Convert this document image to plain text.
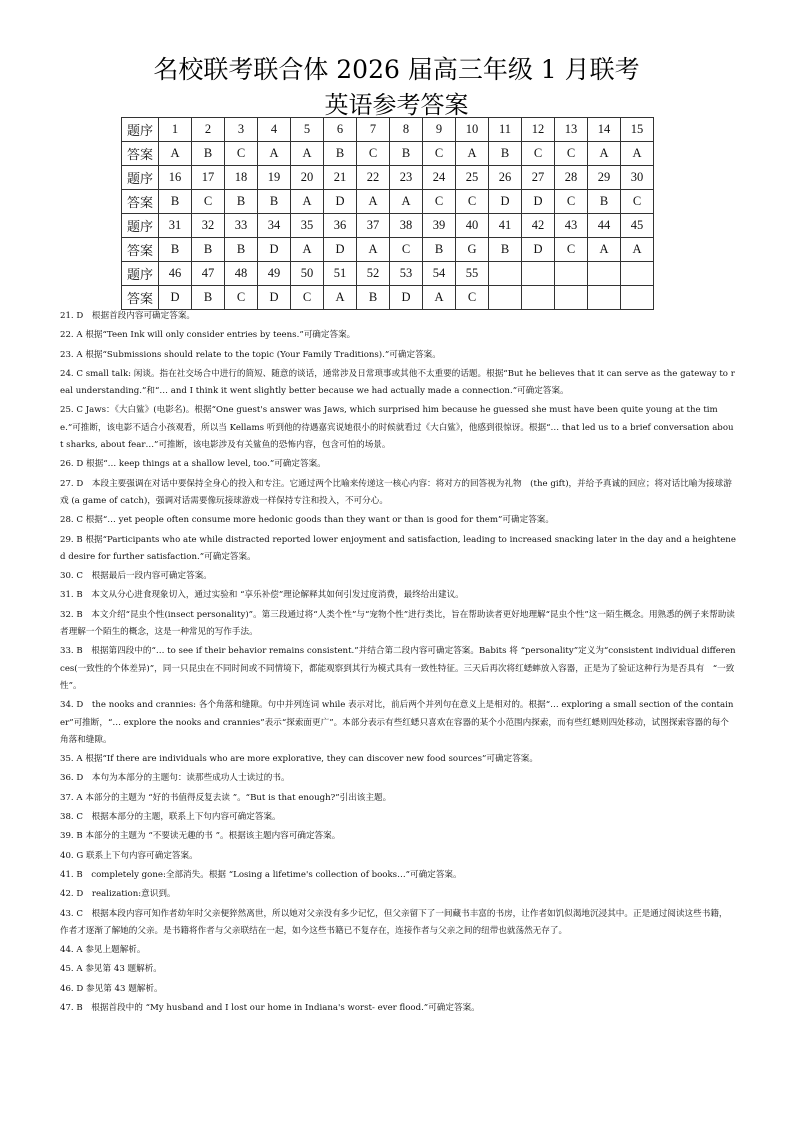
名校联考联合体 2026 届高三年级 1 月联考
英语参考答案
题序	1	2	3	4	5	6	7	8	9	10	11	12	13	14	15
答案	A	B	C	A	A	B	C	B	C	A	B	C	C	A	A
题序	16	17	18	19	20	21	22	23	24	25	26	27	28	29	30
答案	B	C	B	B	A	D	A	A	C	C	D	D	C	B	C
题序	31	32	33	34	35	36	37	38	39	40	41	42	43	44	45
答案	B	B	B	D	A	D	A	C	B	G	B	D	C	A	A
题序	46	47	48	49	50	51	52	53	54	55					
答案	D	B	C	D	C	A	B	D	A	C					

21. D　根据首段内容可确定答案。

22. A 根据“Teen Ink will only consider entries by teens.”可确定答案。

23. A 根据“Submissions should relate to the topic (Your Family Traditions).”可确定答案。

24. C small talk: 闲谈。指在社交场合中进行的简短、随意的谈话，通常涉及日常琐事或其他不太重要的话题。根据“But he believes that it can serve as the gateway to real understanding.”和“… and I think it went slightly better because we had actually made a connection.”可确定答案。

25. C Jaws：《大白鲨》(电影名)。根据“One guest's answer was Jaws, which surprised him because he guessed she must have been quite young at the time.”可推断，该电影不适合小孩观看，所以当 Kellams 听到他的待遇嘉宾说她很小的时候就看过《大白鲨》，他感到很惊讶。根据“… that led us to a brief conversation about sharks, about fear…”可推断，该电影涉及有关鲨鱼的恐怖内容，包含可怕的场景。

26. D 根据“… keep things at a shallow level, too.”可确定答案。

27. D　本段主要强调在对话中要保持全身心的投入和专注。它通过两个比喻来传递这一核心内容：将对方的回答视为礼物　(the gift)，并给予真诚的回应；将对话比喻为接球游戏 (a game of catch)，强调对话需要像玩接球游戏一样保持专注和投入，不可分心。

28. C 根据“… yet people often consume more hedonic goods than they want or than is good for them”可确定答案。

29. B 根据“Participants who ate while distracted reported lower enjoyment and satisfaction, leading to increased snacking later in the day and a heightened desire for further satisfaction.”可确定答案。

30. C　根据最后一段内容可确定答案。

31. B　本文从分心进食现象切入，通过实验和 “享乐补偿”理论解释其如何引发过度消费，最终给出建议。

32. B　本文介绍“昆虫个性(insect personality)”。第三段通过将“人类个性”与“宠物个性”进行类比，旨在帮助读者更好地理解“昆虫个性”这一陌生概念。用熟悉的例子来帮助读者理解一个陌生的概念，这是一种常见的写作手法。

33. B　根据第四段中的“… to see if their behavior remains consistent.”并结合第二段内容可确定答案。Babits 将 “personality”定义为“consistent individual differences(一致性的个体差异)”，同一只昆虫在不同时间或不同情境下，都能观察到其行为模式具有一致性特征。三天后再次将红蟋蟀放入容器，正是为了验证这种行为是否具有　“一致性”。

34. D　the nooks and crannies: 各个角落和缝隙。句中并列连词 while 表示对比，前后两个并列句在意义上是相对的。根据“… exploring a small section of the container”可推断，“… explore the nooks and crannies”表示“探索面更广”。本部分表示有些红蟋只喜欢在容器的某个小范围内探索，而有些红蟋则四处移动，试图探索容器的每个角落和缝隙。

35. A 根据“If there are individuals who are more explorative, they can discover new food sources”可确定答案。

36. D　本句为本部分的主题句：读那些成功人士读过的书。

37. A 本部分的主题为 “好的书值得反复去读 ”。“But is that enough?”引出该主题。

38. C　根据本部分的主题，联系上下句内容可确定答案。

39. B 本部分的主题为 “不要读无趣的书 ”。根据该主题内容可确定答案。

40. G 联系上下句内容可确定答案。

41. B　completely gone:全部消失。根据 “Losing a lifetime's collection of books…”可确定答案。

42. D　realization:意识到。

43. C　根据本段内容可知作者幼年时父亲便猝然离世，所以她对父亲没有多少记忆，但父亲留下了一间藏书丰富的书房，让作者如饥似渴地沉浸其中。正是通过阅读这些书籍，作者才逐渐了解她的父亲。是书籍将作者与父亲联结在一起，如今这些书籍已不复存在，连接作者与父亲之间的纽带也就荡然无存了。

44. A 参见上题解析。

45. A 参见第 43 题解析。

46. D 参见第 43 题解析。

47. B　根据首段中的 “My husband and I lost our home in Indiana's worst- ever flood.”可确定答案。
